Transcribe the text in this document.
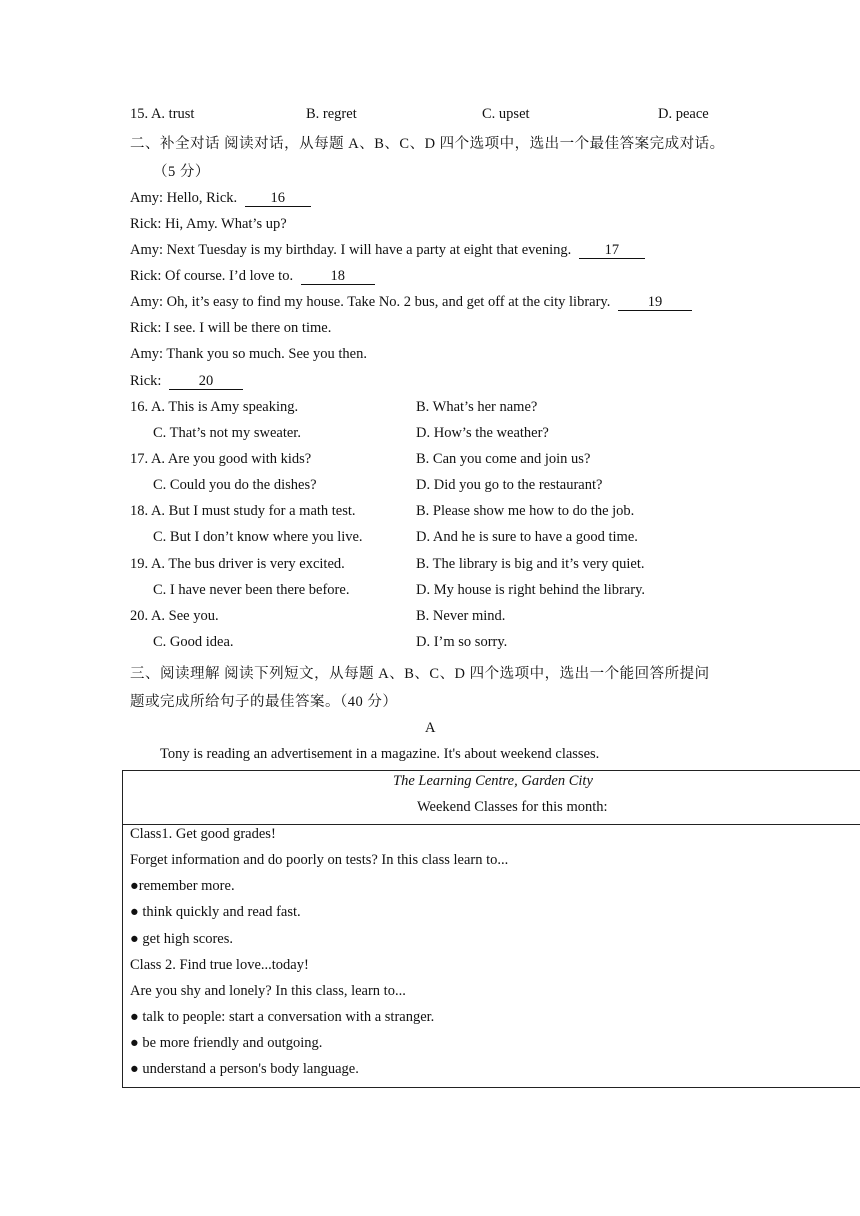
15. A. trust	B. regret	C. upset	D. peace
二、补全对话 阅读对话，从每题 A、B、C、D 四个选项中，选出一个最佳答案完成对话。
（5 分）
Amy: Hello, Rick. 16
Rick: Hi, Amy. What’s up?
Amy: Next Tuesday is my birthday. I will have a party at eight that evening. 17
Rick: Of course. I’d love to. 18
Amy: Oh, it’s easy to find my house. Take No. 2 bus, and get off at the city library. 19
Rick: I see. I will be there on time.
Amy: Thank you so much. See you then.
Rick: 20
16. A. This is Amy speaking.	B. What’s her name?
C. That’s not my sweater.	D. How’s the weather?
17. A. Are you good with kids?	B. Can you come and join us?
C. Could you do the dishes?	D. Did you go to the restaurant?
18. A. But I must study for a math test.	B. Please show me how to do the job.
C. But I don’t know where you live.	D. And he is sure to have a good time.
19. A. The bus driver is very excited.	B. The library is big and it’s very quiet.
C. I have never been there before.	D. My house is right behind the library.
20. A. See you.	B. Never mind.
C. Good idea.	D. I’m so sorry.
三、阅读理解 阅读下列短文，从每题 A、B、C、D 四个选项中，选出一个能回答所提问
题或完成所给句子的最佳答案。（40 分）
A
Tony is reading an advertisement in a magazine. It's about weekend classes.
The Learning Centre, Garden City
Weekend Classes for this month:
Class1. Get good grades!
Forget information and do poorly on tests? In this class learn to...
●remember more.
● think quickly and read fast.
● get high scores.
Class 2. Find true love...today!
Are you shy and lonely? In this class, learn to...
● talk to people: start a conversation with a stranger.
● be more friendly and outgoing.
● understand a person's body language.
